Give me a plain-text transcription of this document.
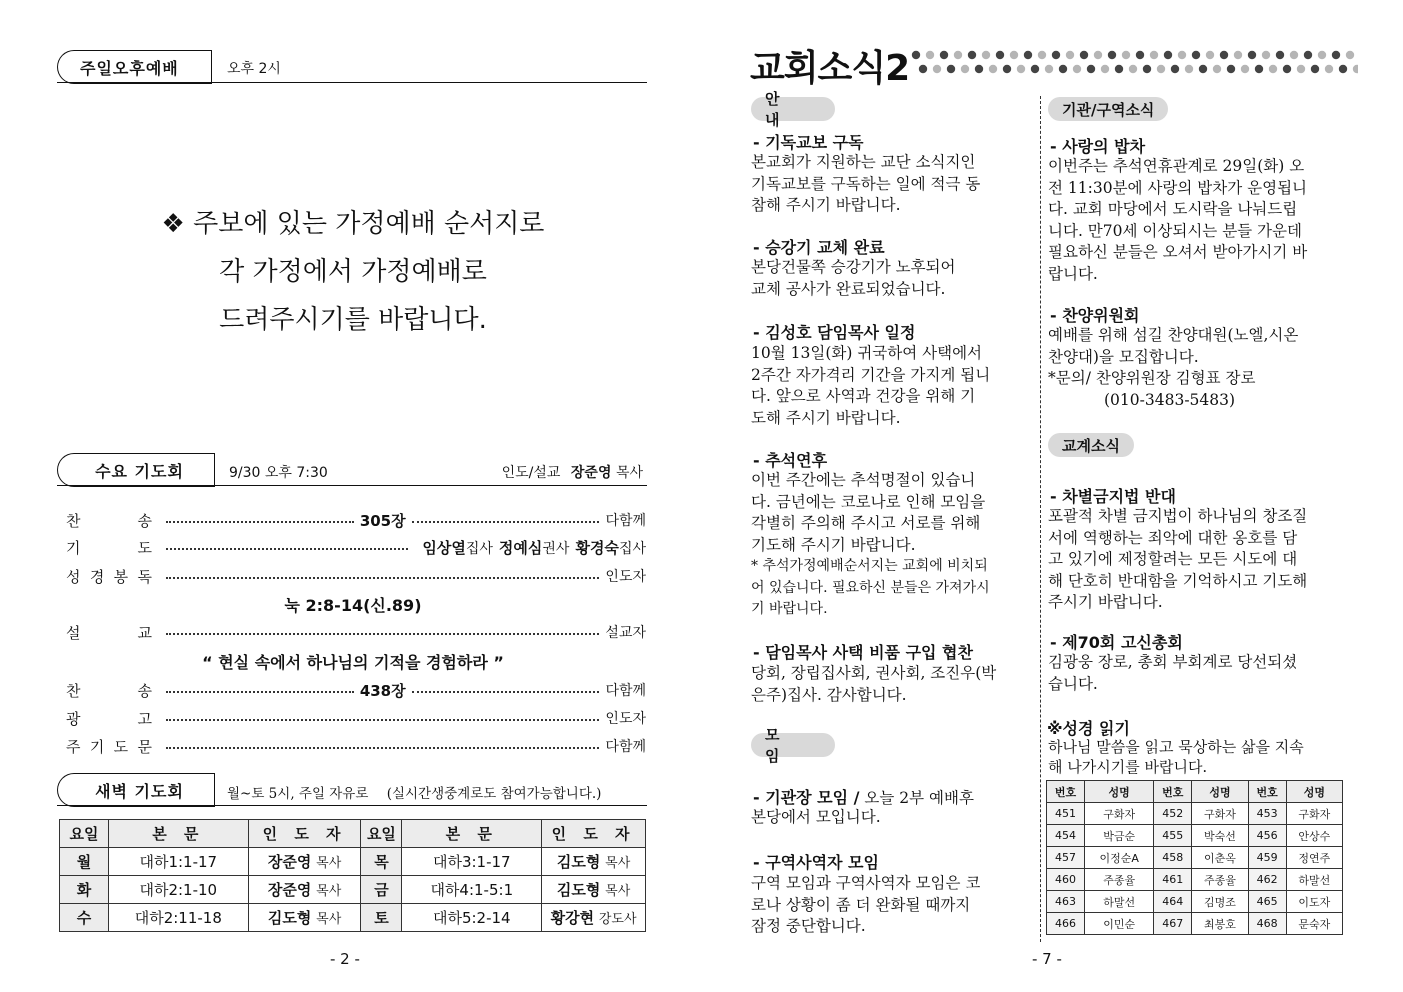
주일오후예배	오후 2시
❖ 주보에 있는 가정예배 순서지로
각 가정에서 가정예배로
드려주시기를 바랍니다.
수요 기도회	9/30 오후 7:30	인도/설교 장준영 목사
찬	송	305장	다함께
기	도	임상열집사 정예심권사 황경숙집사
성 경 봉 독	인도자
눅 2:8-14(신.89)
설	교	설교자
“ 현실 속에서 하나님의 기적을 경험하라 ”
찬	송	438장	다함께
광	고	인도자
주 기 도 문	다함께
새벽 기도회	월~토 5시, 주일 자유로 (실시간생중계로도 참여가능합니다.)
요일	본 문	인 도 자	요일	본 문	인 도 자
월	대하1:1-17	장준영 목사	목	대하3:1-17	김도형 목사
화	대하2:1-10	장준영 목사	금	대하4:1-5:1	김도형 목사
수	대하2:11-18	김도형 목사	토	대하5:2-14	황강현 강도사
- 2 -
교회소식2
안 내
- 기독교보 구독
본교회가 지원하는 교단 소식지인
기독교보를 구독하는 일에 적극 동
참해 주시기 바랍니다.
- 승강기 교체 완료
본당건물쪽 승강기가 노후되어
교체 공사가 완료되었습니다.
- 김성호 담임목사 일정
10월 13일(화) 귀국하여 사택에서
2주간 자가격리 기간을 가지게 됩니
다. 앞으로 사역과 건강을 위해 기
도해 주시기 바랍니다.
- 추석연후
이번 주간에는 추석명절이 있습니
다. 금년에는 코로나로 인해 모임을
각별히 주의해 주시고 서로를 위해
기도해 주시기 바랍니다.
* 추석가정예배순서지는 교회에 비치되
어 있습니다. 필요하신 분들은 가져가시
기 바랍니다.
- 담임목사 사택 비품 구입 협찬
당회, 장립집사회, 권사회, 조진우(박
은주)집사. 감사합니다.
모 임
- 기관장 모임 / 오늘 2부 예배후
본당에서 모입니다.
- 구역사역자 모임
구역 모임과 구역사역자 모임은 코
로나 상황이 좀 더 완화될 때까지
잠정 중단합니다.
기관/구역소식
- 사랑의 밥차
이번주는 추석연휴관계로 29일(화) 오
전 11:30분에 사랑의 밥차가 운영됩니
다. 교회 마당에서 도시락을 나눠드립
니다. 만70세 이상되시는 분들 가운데
필요하신 분들은 오셔서 받아가시기 바
랍니다.
- 찬양위원회
예배를 위해 섬길 찬양대원(노엘,시온
찬양대)을 모집합니다.
*문의/ 찬양위원장 김형표 장로
(010-3483-5483)
교계소식
- 차별금지법 반대
포괄적 차별 금지법이 하나님의 창조질
서에 역행하는 죄악에 대한 옹호를 담
고 있기에 제정할려는 모든 시도에 대
해 단호히 반대함을 기억하시고 기도해
주시기 바랍니다.
- 제70회 고신총회
김광웅 장로, 총회 부회계로 당선되셨
습니다.
※성경 읽기
하나님 말씀을 읽고 묵상하는 삶을 지속
해 나가시기를 바랍니다.
번호	성명	번호	성명	번호	성명
451	구화자	452	구화자	453	구화자
454	박금순	455	박숙선	456	안상수
457	이정순A	458	이춘옥	459	정연주
460	주종율	461	주종율	462	하말선
463	하말선	464	김명조	465	이도자
466	이민순	467	최봉호	468	문숙자
- 7 -
